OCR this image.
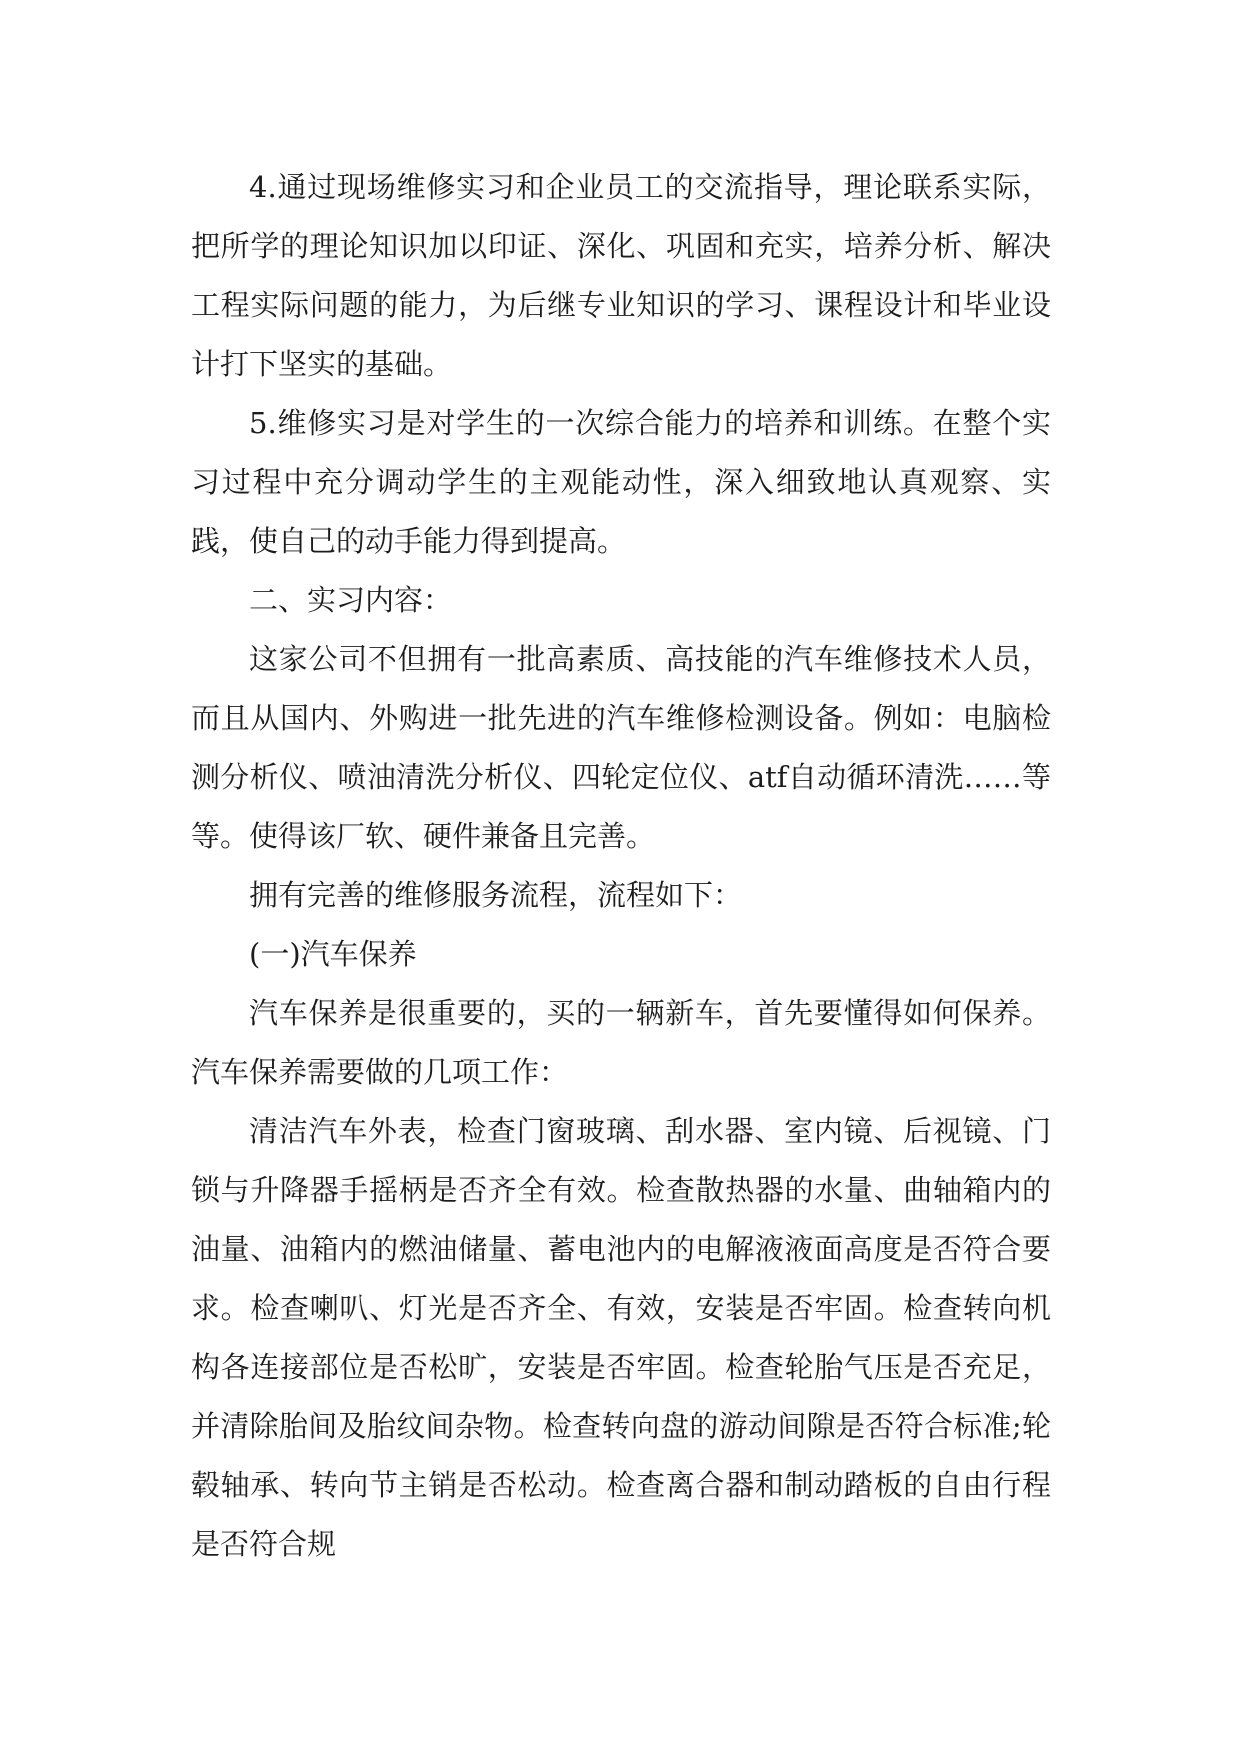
4.通过现场维修实习和企业员工的交流指导，理论联系实际，把所学的理论知识加以印证、深化、巩固和充实，培养分析、解决工程实际问题的能力，为后继专业知识的学习、课程设计和毕业设计打下坚实的基础。

5.维修实习是对学生的一次综合能力的培养和训练。在整个实习过程中充分调动学生的主观能动性，深入细致地认真观察、实践，使自己的动手能力得到提高。

二、实习内容：

这家公司不但拥有一批高素质、高技能的汽车维修技术人员，而且从国内、外购进一批先进的汽车维修检测设备。例如：电脑检测分析仪、喷油清洗分析仪、四轮定位仪、atf自动循环清洗……等等。使得该厂软、硬件兼备且完善。

拥有完善的维修服务流程，流程如下：

(一)汽车保养

汽车保养是很重要的，买的一辆新车，首先要懂得如何保养。汽车保养需要做的几项工作：

清洁汽车外表，检查门窗玻璃、刮水器、室内镜、后视镜、门锁与升降器手摇柄是否齐全有效。检查散热器的水量、曲轴箱内的油量、油箱内的燃油储量、蓄电池内的电解液液面高度是否符合要求。检查喇叭、灯光是否齐全、有效，安装是否牢固。检查转向机构各连接部位是否松旷，安装是否牢固。检查轮胎气压是否充足，并清除胎间及胎纹间杂物。检查转向盘的游动间隙是否符合标准;轮毂轴承、转向节主销是否松动。检查离合器和制动踏板的自由行程是否符合规
